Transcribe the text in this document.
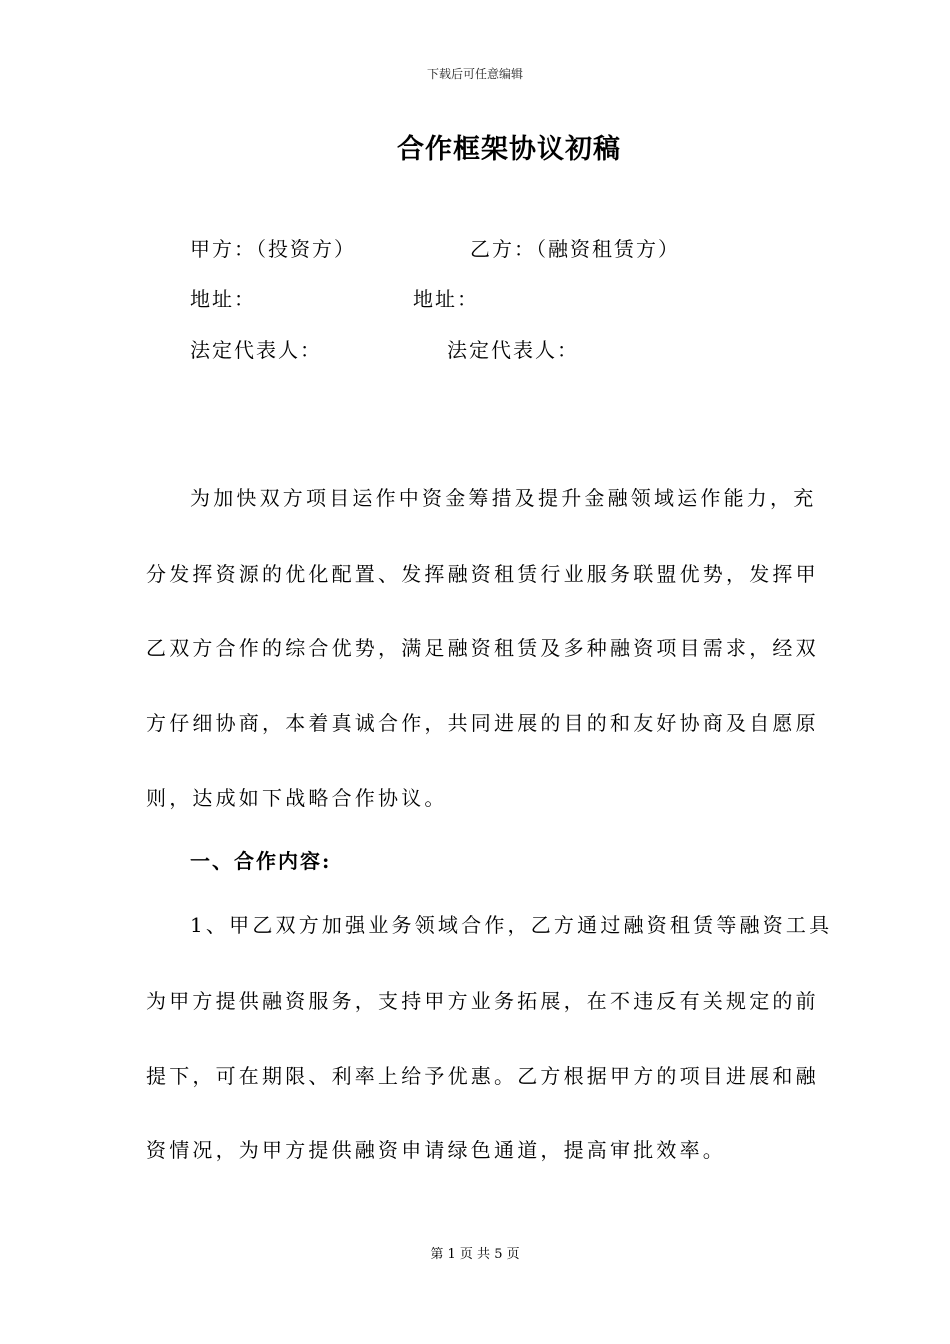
下载后可任意编辑
合作框架协议初稿
甲方：（投资方）	乙方：（融资租赁方）
地址：	地址：
法定代表人：	法定代表人：
为加快双方项目运作中资金筹措及提升金融领域运作能力，充
分发挥资源的优化配置、发挥融资租赁行业服务联盟优势，发挥甲
乙双方合作的综合优势，满足融资租赁及多种融资项目需求，经双
方仔细协商，本着真诚合作，共同进展的目的和友好协商及自愿原
则，达成如下战略合作协议。
一、合作内容:
1、甲乙双方加强业务领域合作，乙方通过融资租赁等融资工具
为甲方提供融资服务，支持甲方业务拓展，在不违反有关规定的前
提下，可在期限、利率上给予优惠。乙方根据甲方的项目进展和融
资情况，为甲方提供融资申请绿色通道，提高审批效率。
第 1 页 共 5 页
